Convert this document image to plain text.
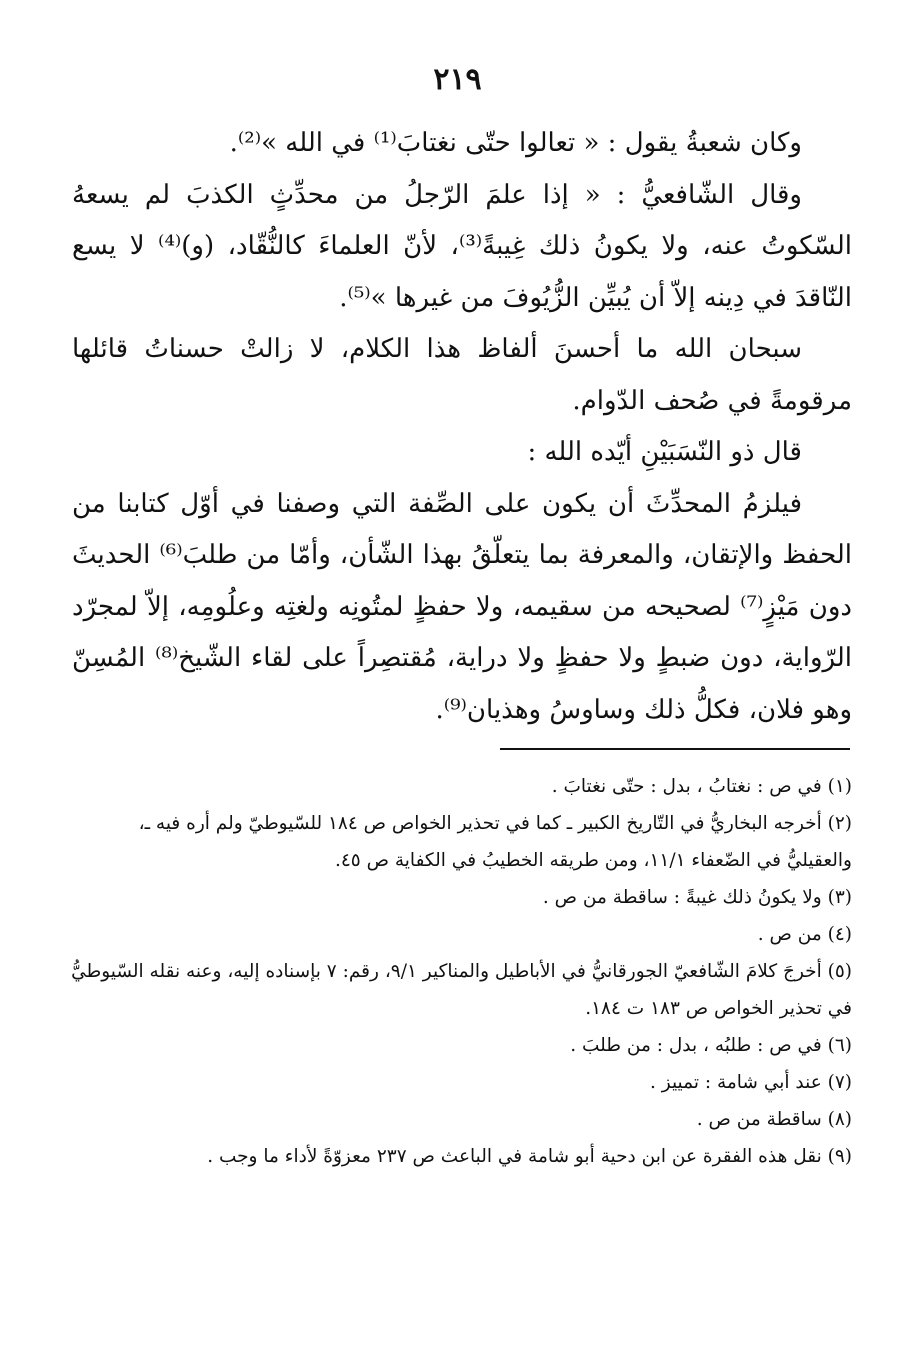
٢١٩

وكان شعبةُ يقول : « تعالوا حتّى نغتابَ⁽¹⁾ في الله »⁽²⁾.

وقال الشّافعيُّ : « إذا علمَ الرّجلُ من محدِّثٍ الكذبَ لم يسعهُ السّكوتُ عنه، ولا يكونُ ذلك غِيبةً⁽³⁾، لأنّ العلماءَ كالنُّقّاد، (و)⁽⁴⁾ لا يسع النّاقدَ في دِينه إلاّ أن يُبيِّن الزُّيُوفَ من غيرها »⁽⁵⁾.

سبحان الله ما أحسنَ ألفاظ هذا الكلام، لا زالتْ حسناتُ قائلها مرقومةً في صُحف الدّوام.

قال ذو النّسَبَيْنِ أيّده الله :

فيلزمُ المحدِّثَ أن يكون على الصِّفة التي وصفنا في أوّل كتابنا من الحفظ والإتقان، والمعرفة بما يتعلّقُ بهذا الشّأن، وأمّا من طلبَ⁽⁶⁾ الحديثَ دون مَيْزٍ⁽⁷⁾ لصحيحه من سقيمه، ولا حفظٍ لمتُونِه ولغتِه وعلُومِه، إلاّ لمجرّد الرّواية، دون ضبطٍ ولا حفظٍ ولا دراية، مُقتصِراً على لقاء الشّيخ⁽⁸⁾ المُسِنّ وهو فلان، فكلُّ ذلك وساوسُ وهذيان⁽⁹⁾.

(١) في ص : نغتابُ ، بدل : حتّى نغتابَ .

(٢) أخرجه البخاريُّ في التّاريخ الكبير ـ كما في تحذير الخواص ص ١٨٤ للسّيوطيّ ولم أره فيه ـ، والعقيليُّ في الضّعفاء ١١/١، ومن طريقه الخطيبُ في الكفاية ص ٤٥.

(٣) ولا يكونُ ذلك غيبةً : ساقطة من ص .

(٤) من ص .

(٥) أخرجَ كلامَ الشّافعيّ الجورقانيُّ في الأباطيل والمناكير ٩/١، رقم: ٧ بإسناده إليه، وعنه نقله السّيوطيُّ في تحذير الخواص ص ١٨٣ ت ١٨٤.

(٦) في ص : طلبُه ، بدل : من طلبَ .

(٧) عند أبي شامة : تمييز .

(٨) ساقطة من ص .

(٩) نقل هذه الفقرة عن ابن دحية أبو شامة في الباعث ص ٢٣٧ معزوّةً لأداء ما وجب .
